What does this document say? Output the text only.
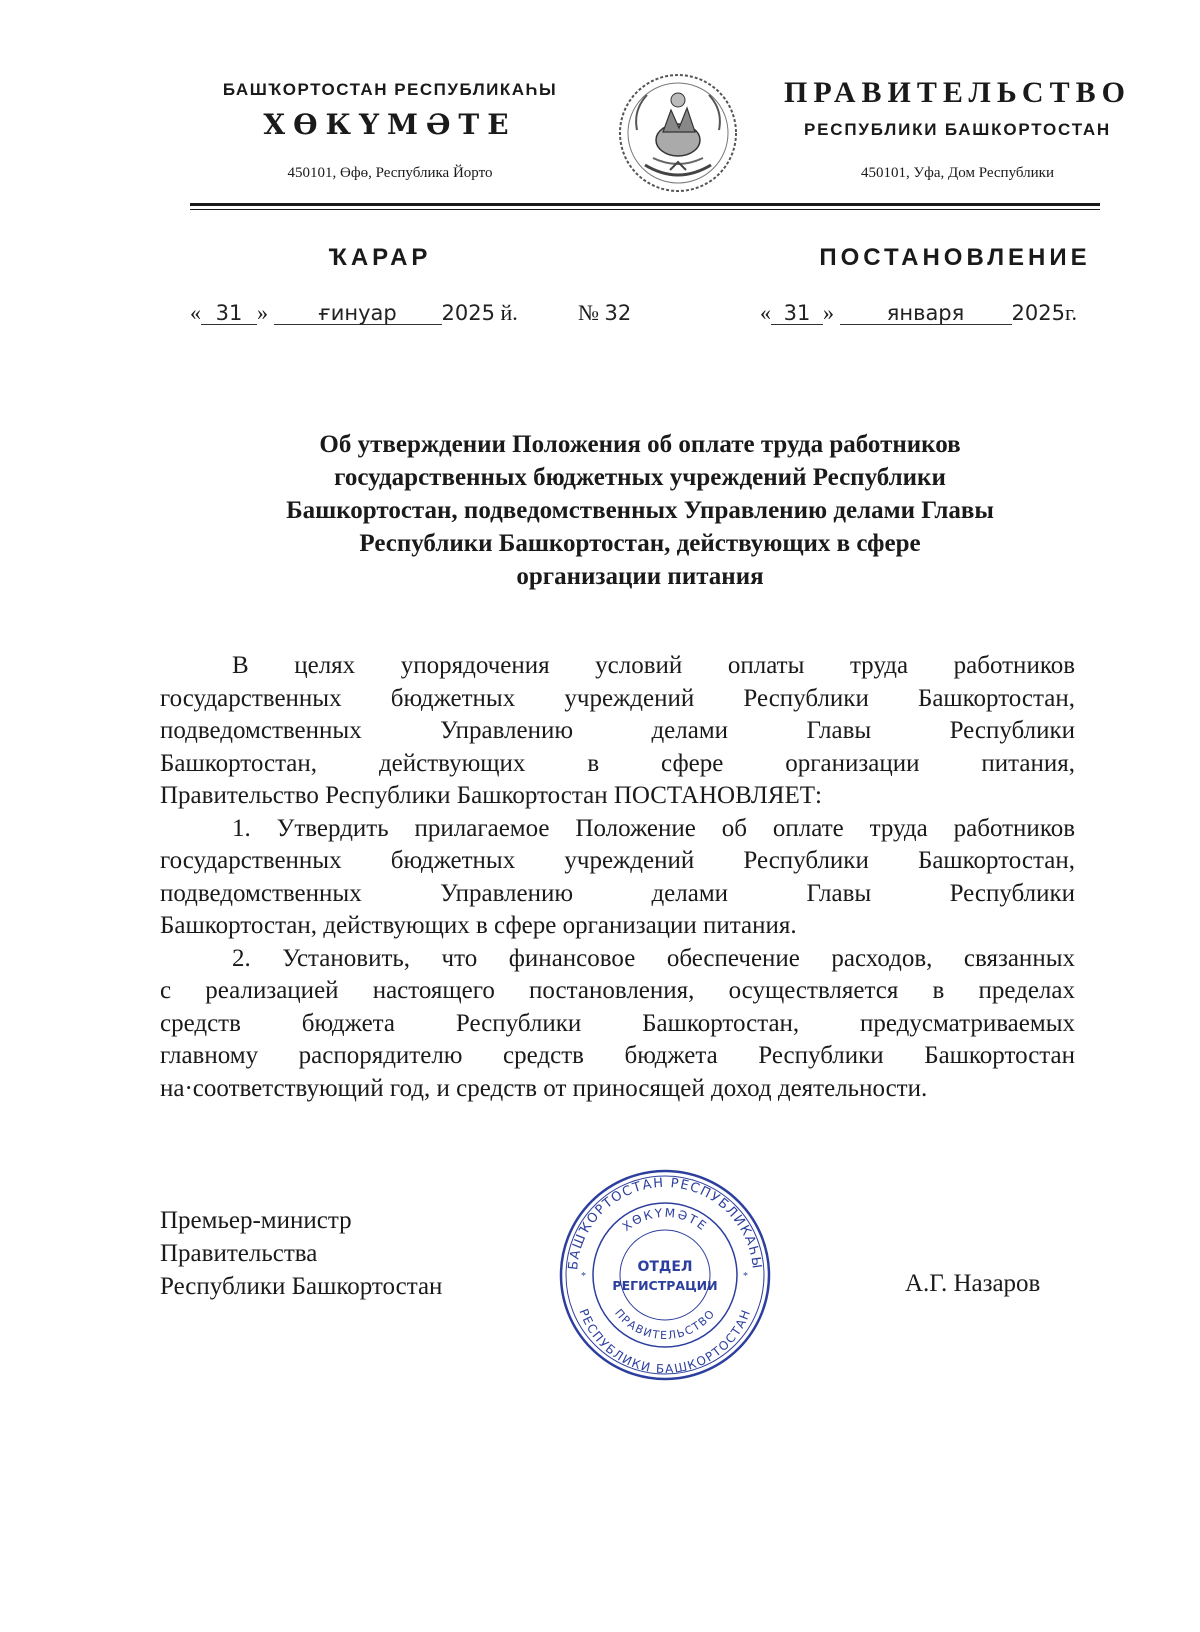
БАШҠОРТОСТАН РЕСПУБЛИКАҺЫ
ХӨКҮМӘТЕ
450101, Өфө, Республика Йорто
ПРАВИТЕЛЬСТВО
РЕСПУБЛИКИ БАШКОРТОСТАН
450101, Уфа, Дом Республики
ҠАРАР	ПОСТАНОВЛЕНИЕ
« 31 » ғинуар 2025 й.	№ 32	« 31 »	января 2025г.
Об утверждении Положения об оплате труда работников
государственных бюджетных учреждений Республики
Башкортостан, подведомственных Управлению делами Главы
Республики Башкортостан, действующих в сфере
организации питания
В целях упорядочения условий оплаты труда работников
государственных бюджетных учреждений Республики Башкортостан,
подведомственных Управлению делами Главы Республики
Башкортостан, действующих в сфере организации питания,
Правительство Республики Башкортостан ПОСТАНОВЛЯЕТ:
1. Утвердить прилагаемое Положение об оплате труда работников
государственных бюджетных учреждений Республики Башкортостан,
подведомственных Управлению делами Главы Республики
Башкортостан, действующих в сфере организации питания.
2. Установить, что финансовое обеспечение расходов, связанных
с реализацией настоящего постановления, осуществляется в пределах
средств бюджета Республики Башкортостан, предусматриваемых
главному распорядителю средств бюджета Республики Башкортостан
на·соответствующий год, и средств от приносящей доход деятельности.
Премьер-министр
Правительства
Республики Башкортостан	А.Г. Назаров
БАШҠОРТОСТАН РЕСПУБЛИКАҺЫ
ХӨКҮМӘТЕ
ОТДЕЛ
РЕГИСТРАЦИИ
ПРАВИТЕЛЬСТВО
РЕСПУБЛИКИ БАШКОРТОСТАН
*	*
